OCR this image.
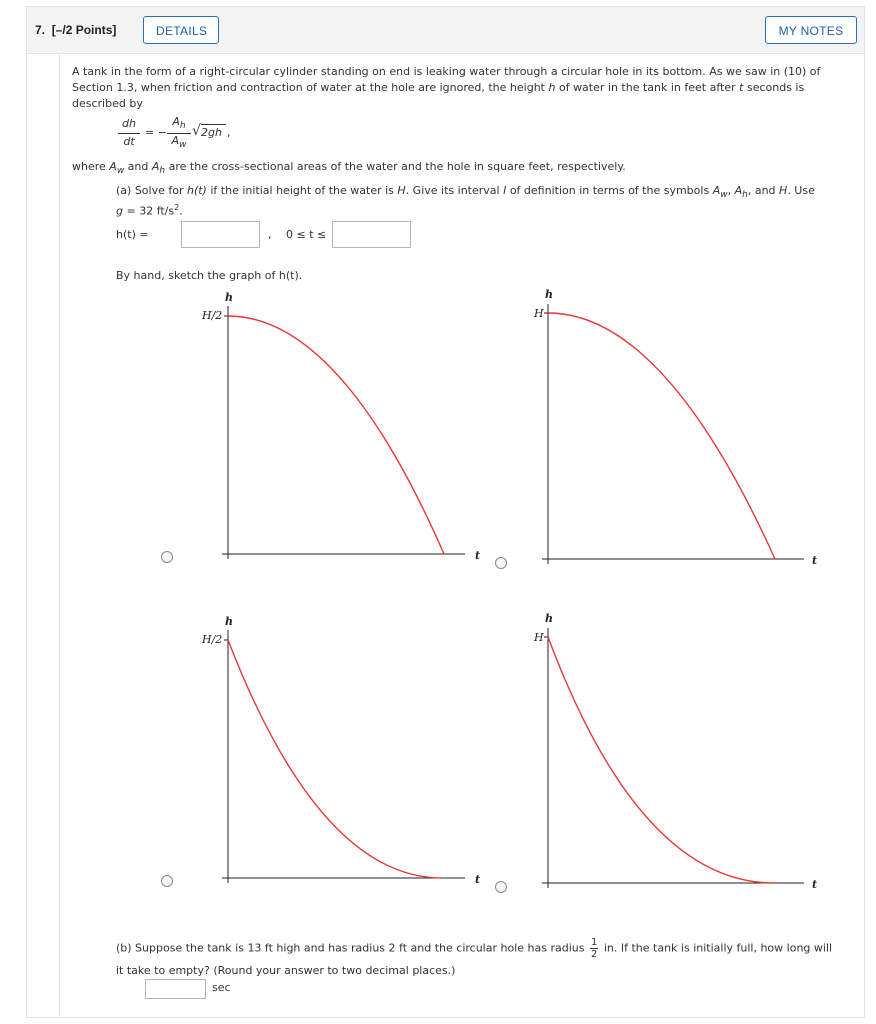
7. [–/2 Points]	DETAILS	MY NOTES
A tank in the form of a right-circular cylinder standing on end is leaking water through a circular hole in its bottom. As we saw in (10) of
Section 1.3, when friction and contraction of water at the hole are ignored, the height h of water in the tank in feet after t seconds is
described by
dh
dt
= −
$A_h$
$A_w$
√ 2gh ,
where $A_w$ and $A_h$ are the cross-sectional areas of the water and the hole in square feet, respectively.
(a) Solve for h(t) if the initial height of the water is H. Give its interval I of definition in terms of the symbols $A_w$, $A_h$, and H. Use
g = 32 $ft/s^2$.
h(t) =	, 0 ≤ t ≤
By hand, sketch the graph of h(t).
h
H/2
t
h
H
t
h
H/2
t
h
H
t
(b) Suppose the tank is 13 ft high and has radius 2 ft and the circular hole has radius $\frac{1}{2}$ in. If the tank is initially full, how long will
it take to empty? (Round your answer to two decimal places.)
sec
